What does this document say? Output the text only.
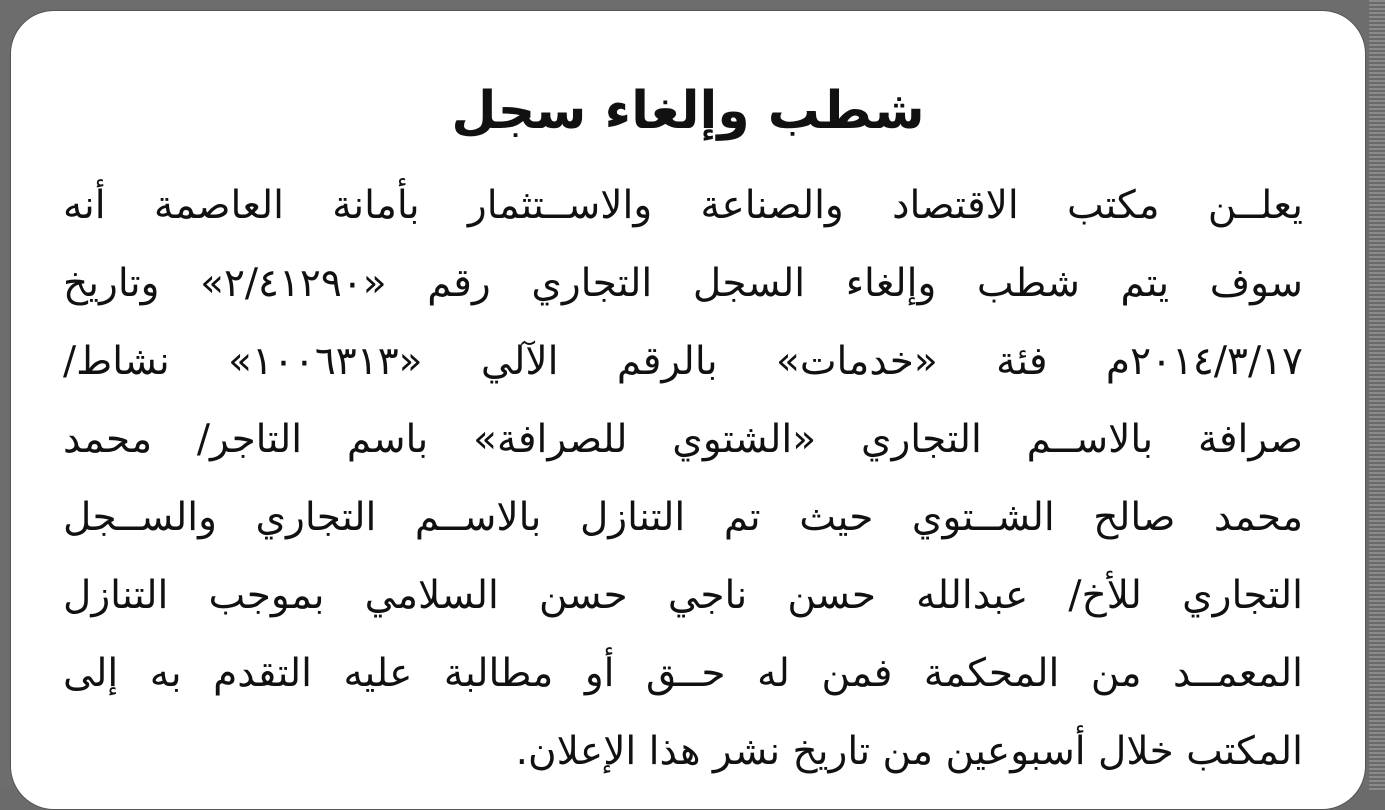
شطب وإلغاء سجل
يعلــن مكتب الاقتصاد والصناعة والاســتثمار بأمانة العاصمة أنه
سوف يتم شطب وإلغاء السجل التجاري رقم «٢/٤١٢٩٠» وتاريخ
٢٠١٤/٣/١٧م فئة «خدمات» بالرقم الآلي «١٠٠٦٣١٣» نشاط/
صرافة بالاســم التجاري «الشتوي للصرافة» باسم التاجر/ محمد
محمد صالح الشــتوي حيث تم التنازل بالاســم التجاري والســجل
التجاري للأخ/ عبدالله حسن ناجي حسن السلامي بموجب التنازل
المعمــد من المحكمة فمن له حــق أو مطالبة عليه التقدم به إلى
المكتب خلال أسبوعين من تاريخ نشر هذا الإعلان.
